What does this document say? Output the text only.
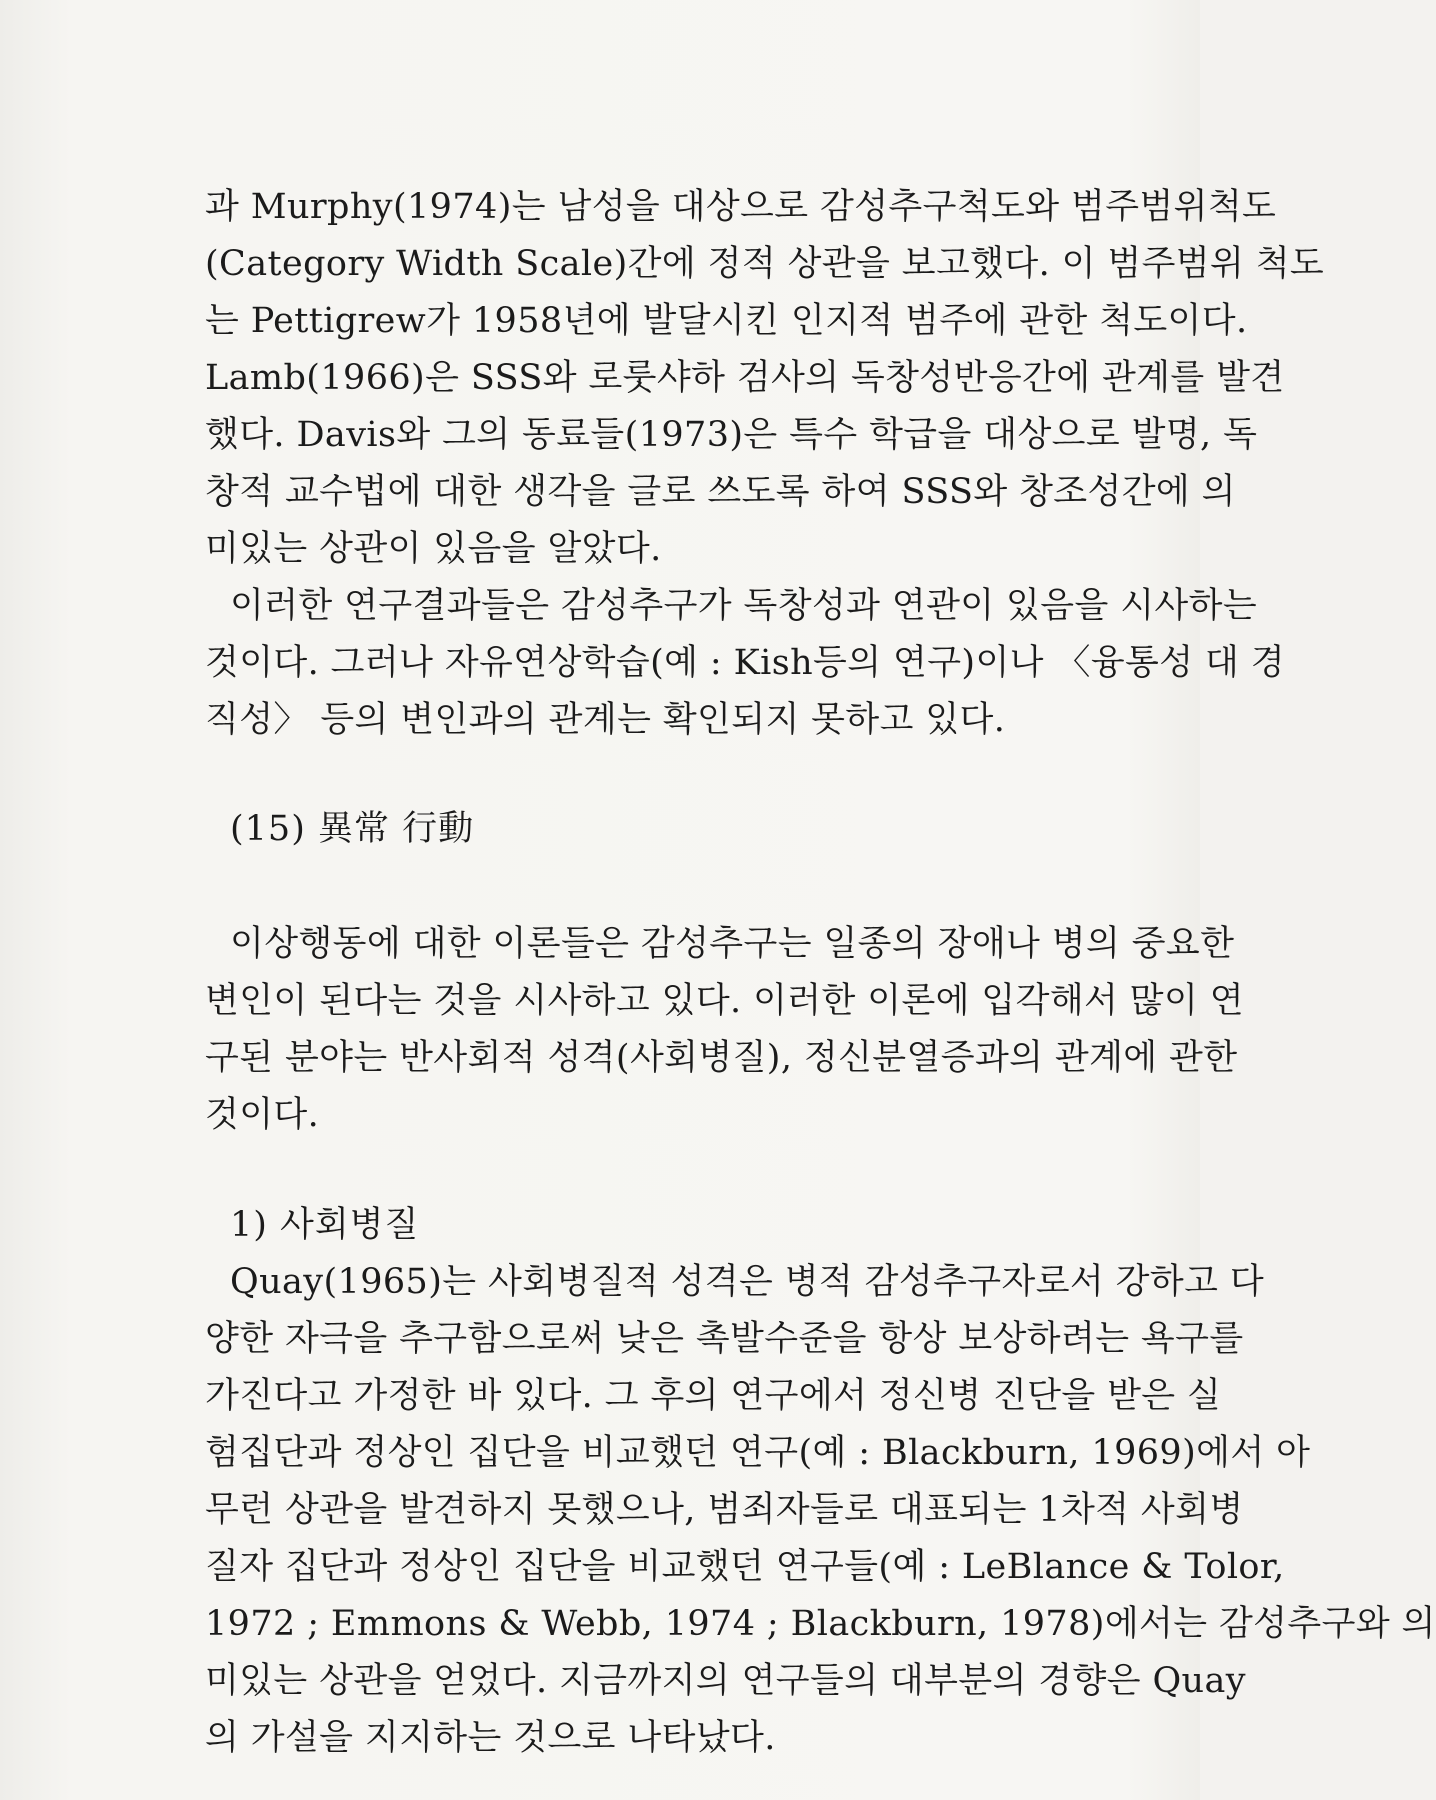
과 Murphy(1974)는 남성을 대상으로 감성추구척도와 범주범위척도
(Category Width Scale)간에 정적 상관을 보고했다. 이 범주범위 척도
는 Pettigrew가 1958년에 발달시킨 인지적 범주에 관한 척도이다.
Lamb(1966)은 SSS와 로룻샤하 검사의 독창성반응간에 관계를 발견
했다. Davis와 그의 동료들(1973)은 특수 학급을 대상으로 발명, 독
창적 교수법에 대한 생각을 글로 쓰도록 하여 SSS와 창조성간에 의
미있는 상관이 있음을 알았다.
이러한 연구결과들은 감성추구가 독창성과 연관이 있음을 시사하는
것이다. 그러나 자유연상학습(예 : Kish등의 연구)이나 〈융통성 대 경
직성〉 등의 변인과의 관계는 확인되지 못하고 있다.
(15) 異常 行動
이상행동에 대한 이론들은 감성추구는 일종의 장애나 병의 중요한
변인이 된다는 것을 시사하고 있다. 이러한 이론에 입각해서 많이 연
구된 분야는 반사회적 성격(사회병질), 정신분열증과의 관계에 관한
것이다.
1) 사회병질
Quay(1965)는 사회병질적 성격은 병적 감성추구자로서 강하고 다
양한 자극을 추구함으로써 낮은 촉발수준을 항상 보상하려는 욕구를
가진다고 가정한 바 있다. 그 후의 연구에서 정신병 진단을 받은 실
험집단과 정상인 집단을 비교했던 연구(예 : Blackburn, 1969)에서 아
무런 상관을 발견하지 못했으나, 범죄자들로 대표되는 1차적 사회병
질자 집단과 정상인 집단을 비교했던 연구들(예 : LeBlance & Tolor,
1972 ; Emmons & Webb, 1974 ; Blackburn, 1978)에서는 감성추구와 의
미있는 상관을 얻었다. 지금까지의 연구들의 대부분의 경향은 Quay
의 가설을 지지하는 것으로 나타났다.
